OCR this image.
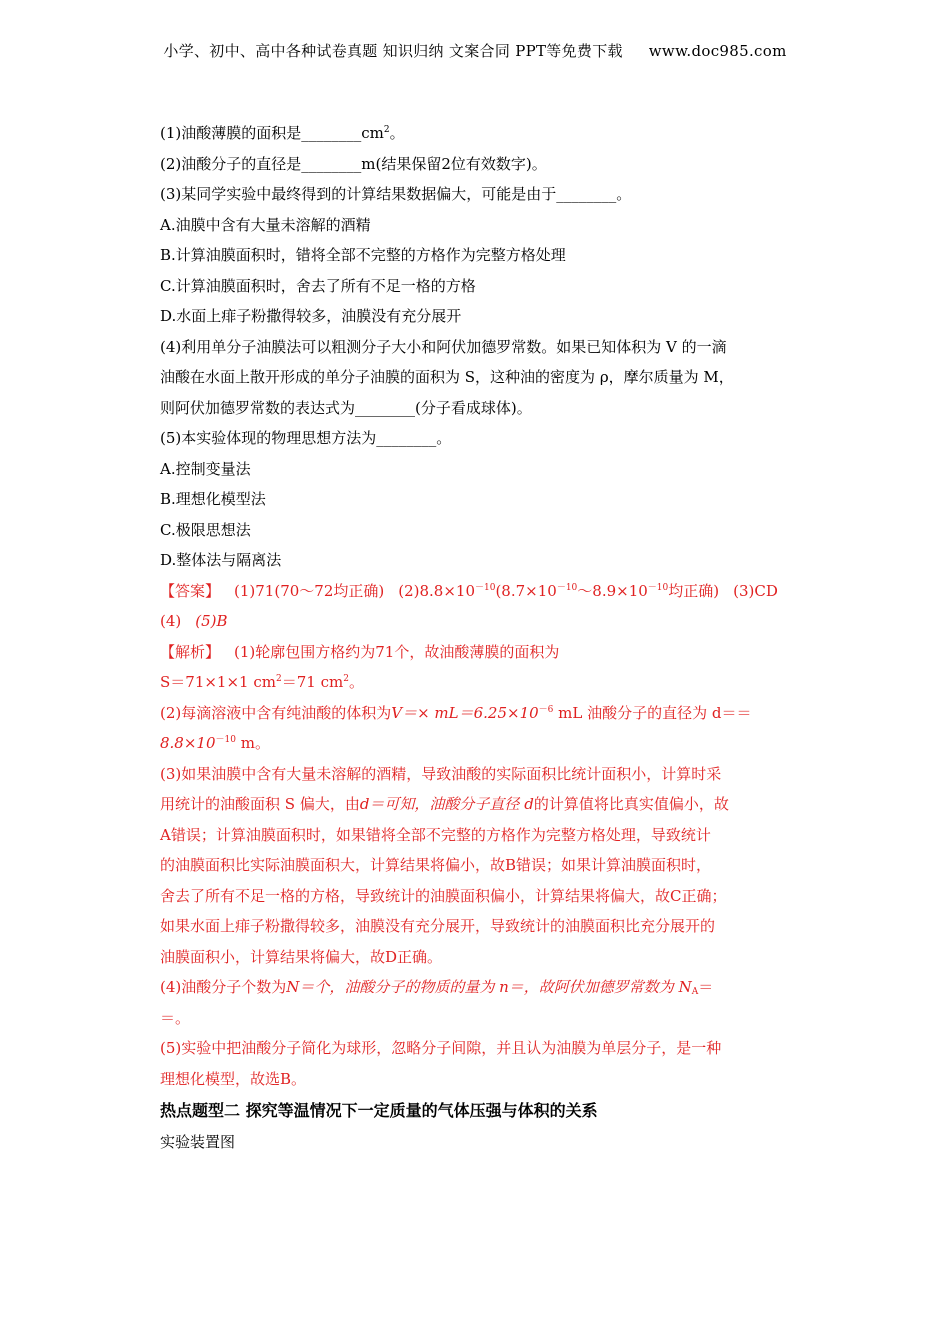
小学、初中、高中各种试卷真题 知识归纳 文案合同 PPT等免费下载 www.doc985.com
(1)油酸薄膜的面积是$\_\_\_\_\_\_\_\_cm^2$。
(2)油酸分子的直径是________m(结果保留2位有效数字)。
(3)某同学实验中最终得到的计算结果数据偏大，可能是由于________。
A.油膜中含有大量未溶解的酒精
B.计算油膜面积时，错将全部不完整的方格作为完整方格处理
C.计算油膜面积时，舍去了所有不足一格的方格
D.水面上痱子粉撒得较多，油膜没有充分展开
(4)利用单分子油膜法可以粗测分子大小和阿伏加德罗常数。如果已知体积为 V 的一滴
油酸在水面上散开形成的单分子油膜的面积为 S，这种油的密度为 ρ，摩尔质量为 M，
则阿伏加德罗常数的表达式为________(分子看成球体)。
(5)本实验体现的物理思想方法为________。
A.控制变量法
B.理想化模型法
C.极限思想法
D.整体法与隔离法
【答案】 (1)71(70～72均正确) $(2)8.8\times 10^{-10}(8.7\times 10^{-10}\sim 8.9\times 10^{-10}$均正确) (3)CD
(4) (5)B
【解析】 (1)轮廓包围方格约为71个，故油酸薄膜的面积为
S＝71×1×1 $cm^2=71$ $cm^2$。
(2)每滴溶液中含有纯油酸的体积为$V=\times mL=6.25\times 10^{-6}$ mL 油酸分子的直径为 d＝＝
$8.8\times 10^{-10}$ m。
(3)如果油膜中含有大量未溶解的酒精，导致油酸的实际面积比统计面积小，计算时采
用统计的油酸面积 S 偏大，由d＝可知，油酸分子直径 d的计算值将比真实值偏小，故
A错误；计算油膜面积时，如果错将全部不完整的方格作为完整方格处理，导致统计
的油膜面积比实际油膜面积大，计算结果将偏小，故B错误；如果计算油膜面积时，
舍去了所有不足一格的方格，导致统计的油膜面积偏小，计算结果将偏大，故C正确；
如果水面上痱子粉撒得较多，油膜没有充分展开，导致统计的油膜面积比充分展开的
油膜面积小，计算结果将偏大，故D正确。
(4)油酸分子个数为N＝个，油酸分子的物质的量为 n＝，故阿伏加德罗常数为 $N_A=$
＝。
(5)实验中把油酸分子简化为球形，忽略分子间隙，并且认为油膜为单层分子，是一种
理想化模型，故选B。
热点题型二 探究等温情况下一定质量的气体压强与体积的关系
实验装置图
